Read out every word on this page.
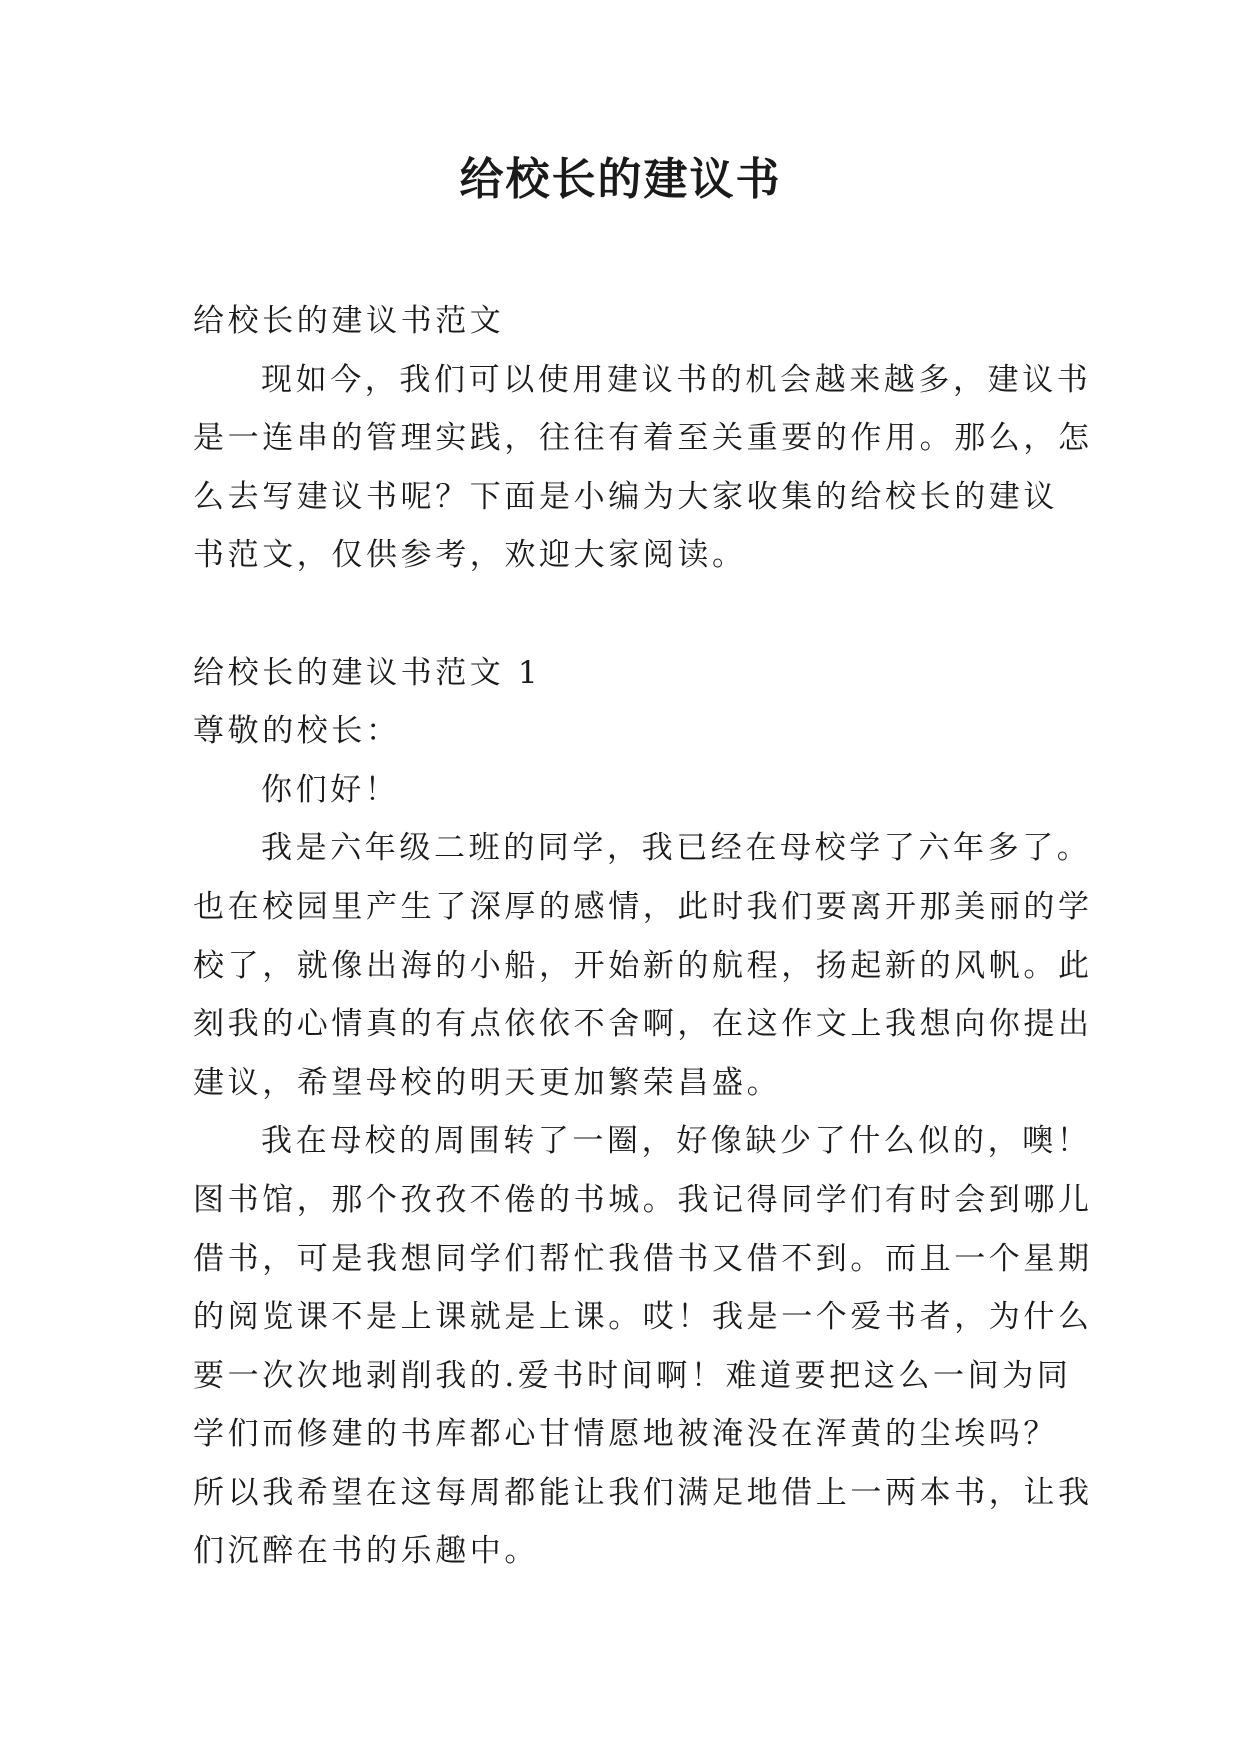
给校长的建议书

给校长的建议书范文

现如今，我们可以使用建议书的机会越来越多，建议书

是一连串的管理实践，往往有着至关重要的作用。那么，怎

么去写建议书呢？下面是小编为大家收集的给校长的建议

书范文，仅供参考，欢迎大家阅读。

给校长的建议书范文 1

尊敬的校长：

你们好！

我是六年级二班的同学，我已经在母校学了六年多了。

也在校园里产生了深厚的感情，此时我们要离开那美丽的学

校了，就像出海的小船，开始新的航程，扬起新的风帆。此

刻我的心情真的有点依依不舍啊，在这作文上我想向你提出

建议，希望母校的明天更加繁荣昌盛。

我在母校的周围转了一圈，好像缺少了什么似的，噢！

图书馆，那个孜孜不倦的书城。我记得同学们有时会到哪儿

借书，可是我想同学们帮忙我借书又借不到。而且一个星期

的阅览课不是上课就是上课。哎！我是一个爱书者，为什么

要一次次地剥削我的.爱书时间啊！难道要把这么一间为同

学们而修建的书库都心甘情愿地被淹没在浑黄的尘埃吗？

所以我希望在这每周都能让我们满足地借上一两本书，让我

们沉醉在书的乐趣中。
